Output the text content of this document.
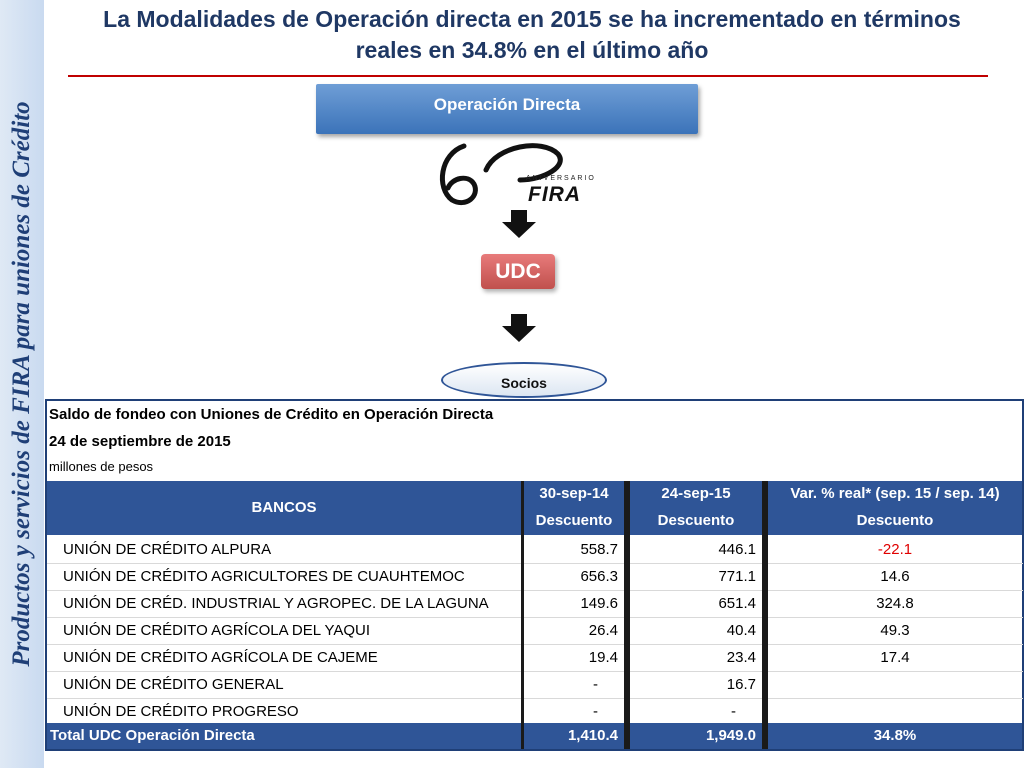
Productos y servicios de FIRA para uniones de Crédito
La Modalidades de Operación directa en 2015 se ha incrementado en términos
reales en 34.8% en el último año
Operación Directa
ANIVERSARIO
FIRA
UDC
Socios
Saldo de fondeo con Uniones de Crédito en Operación Directa
24 de septiembre de 2015
millones de pesos
BANCOS
30-sep-14	24-sep-15	Var. % real* (sep. 15 / sep. 14)
Descuento	Descuento	Descuento
UNIÓN DE CRÉDITO ALPURA	558.7	446.1	-22.1
UNIÓN DE CRÉDITO AGRICULTORES DE CUAUHTEMOC	656.3	771.1	14.6
UNIÓN DE CRÉD. INDUSTRIAL Y AGROPEC. DE LA LAGUNA	149.6	651.4	324.8
UNIÓN DE CRÉDITO AGRÍCOLA DEL YAQUI	26.4	40.4	49.3
UNIÓN DE CRÉDITO AGRÍCOLA DE CAJEME	19.4	23.4	17.4
UNIÓN DE CRÉDITO GENERAL	-	16.7
UNIÓN DE CRÉDITO PROGRESO	-	-
Total UDC Operación Directa	1,410.4	1,949.0	34.8%
